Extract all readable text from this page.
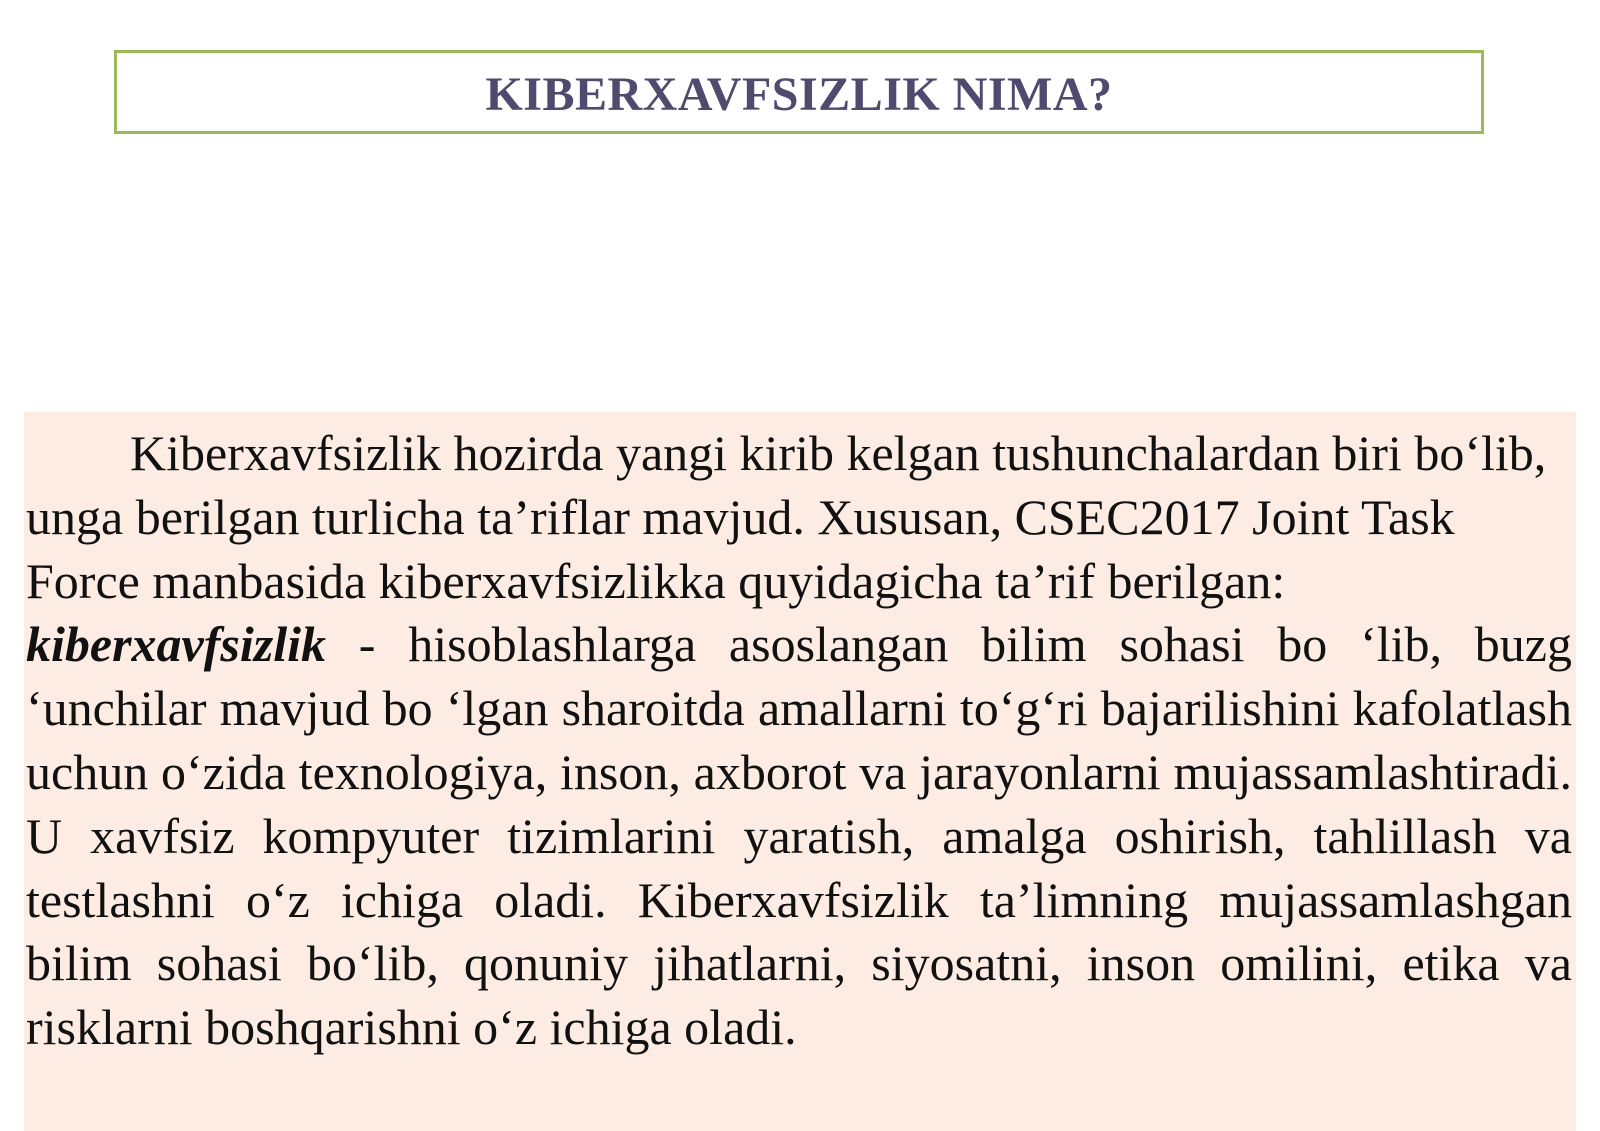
KIBERXAVFSIZLIK NIMA?

Kiberxavfsizlik hozirda yangi kirib kelgan tushunchalardan biri bo‘lib, unga berilgan turlicha ta’riflar mavjud. Xususan, CSEC2017 Joint Task Force manbasida kiberxavfsizlikka quyidagicha ta’rif berilgan:

kiberxavfsizlik - hisoblashlarga asoslangan bilim sohasi bo ‘lib, buzg ‘unchilar mavjud bo ‘lgan sharoitda amallarni to‘g‘ri bajarilishini kafolatlash uchun o‘zida texnologiya, inson, axborot va jarayonlarni mujassamlashtiradi. U xavfsiz kompyuter tizimlarini yaratish, amalga oshirish, tahlillash va testlashni o‘z ichiga oladi. Kiberxavfsizlik ta’limning mujassamlashgan bilim sohasi bo‘lib, qonuniy jihatlarni, siyosatni, inson omilini, etika va risklarni boshqarishni o‘z ichiga oladi.
